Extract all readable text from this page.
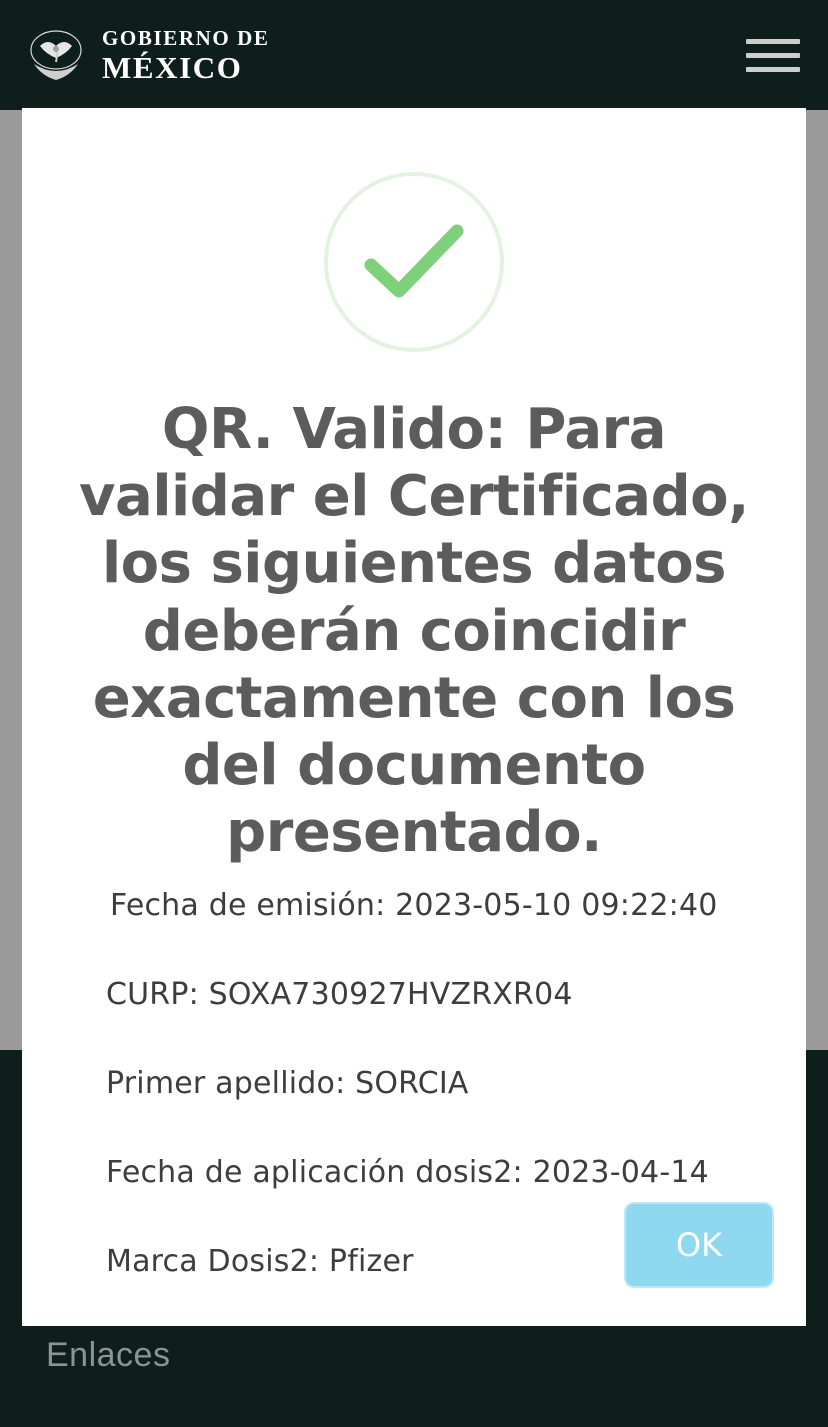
Enlaces
GOBIERNO DE
MÉXICO
QR. Valido: Para validar el Certificado, los siguientes datos deberán coincidir exactamente con los del documento presentado.
Fecha de emisión: 2023-05-10 09:22:40
CURP: SOXA730927HVZRXR04
Primer apellido: SORCIA
Fecha de aplicación dosis2: 2023-04-14
Marca Dosis2: Pfizer	OK
